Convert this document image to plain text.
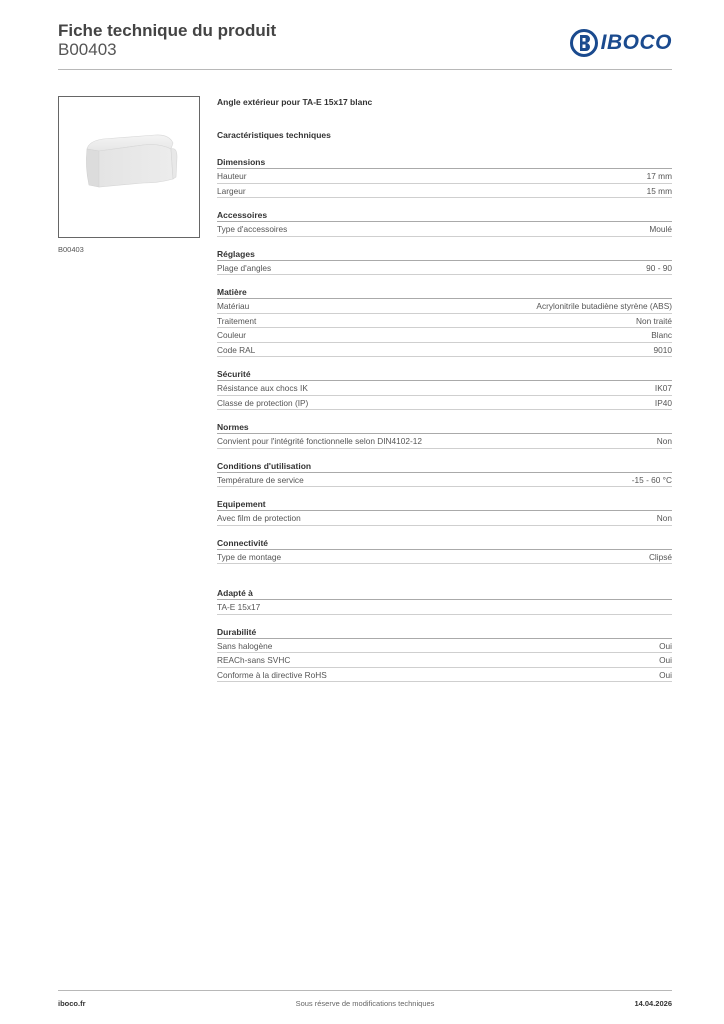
Fiche technique du produit
B00403	IBOCO
B00403
Angle extérieur pour TA-E 15x17 blanc
Caractéristiques techniques
Dimensions
Hauteur	17 mm
Largeur	15 mm
Accessoires
Type d'accessoires	Moulé
Réglages
Plage d'angles	90 - 90
Matière
Matériau	Acrylonitrile butadiène styrène (ABS)
Traitement	Non traité
Couleur	Blanc
Code RAL	9010
Sécurité
Résistance aux chocs IK	IK07
Classe de protection (IP)	IP40
Normes
Convient pour l'intégrité fonctionnelle selon DIN4102-12	Non
Conditions d'utilisation
Température de service	-15 - 60 °C
Equipement
Avec film de protection	Non
Connectivité
Type de montage	Clipsé
Adapté à
TA-E 15x17
Durabilité
Sans halogène	Oui
REACh-sans SVHC	Oui
Conforme à la directive RoHS	Oui
iboco.fr	Sous réserve de modifications techniques	14.04.2026
